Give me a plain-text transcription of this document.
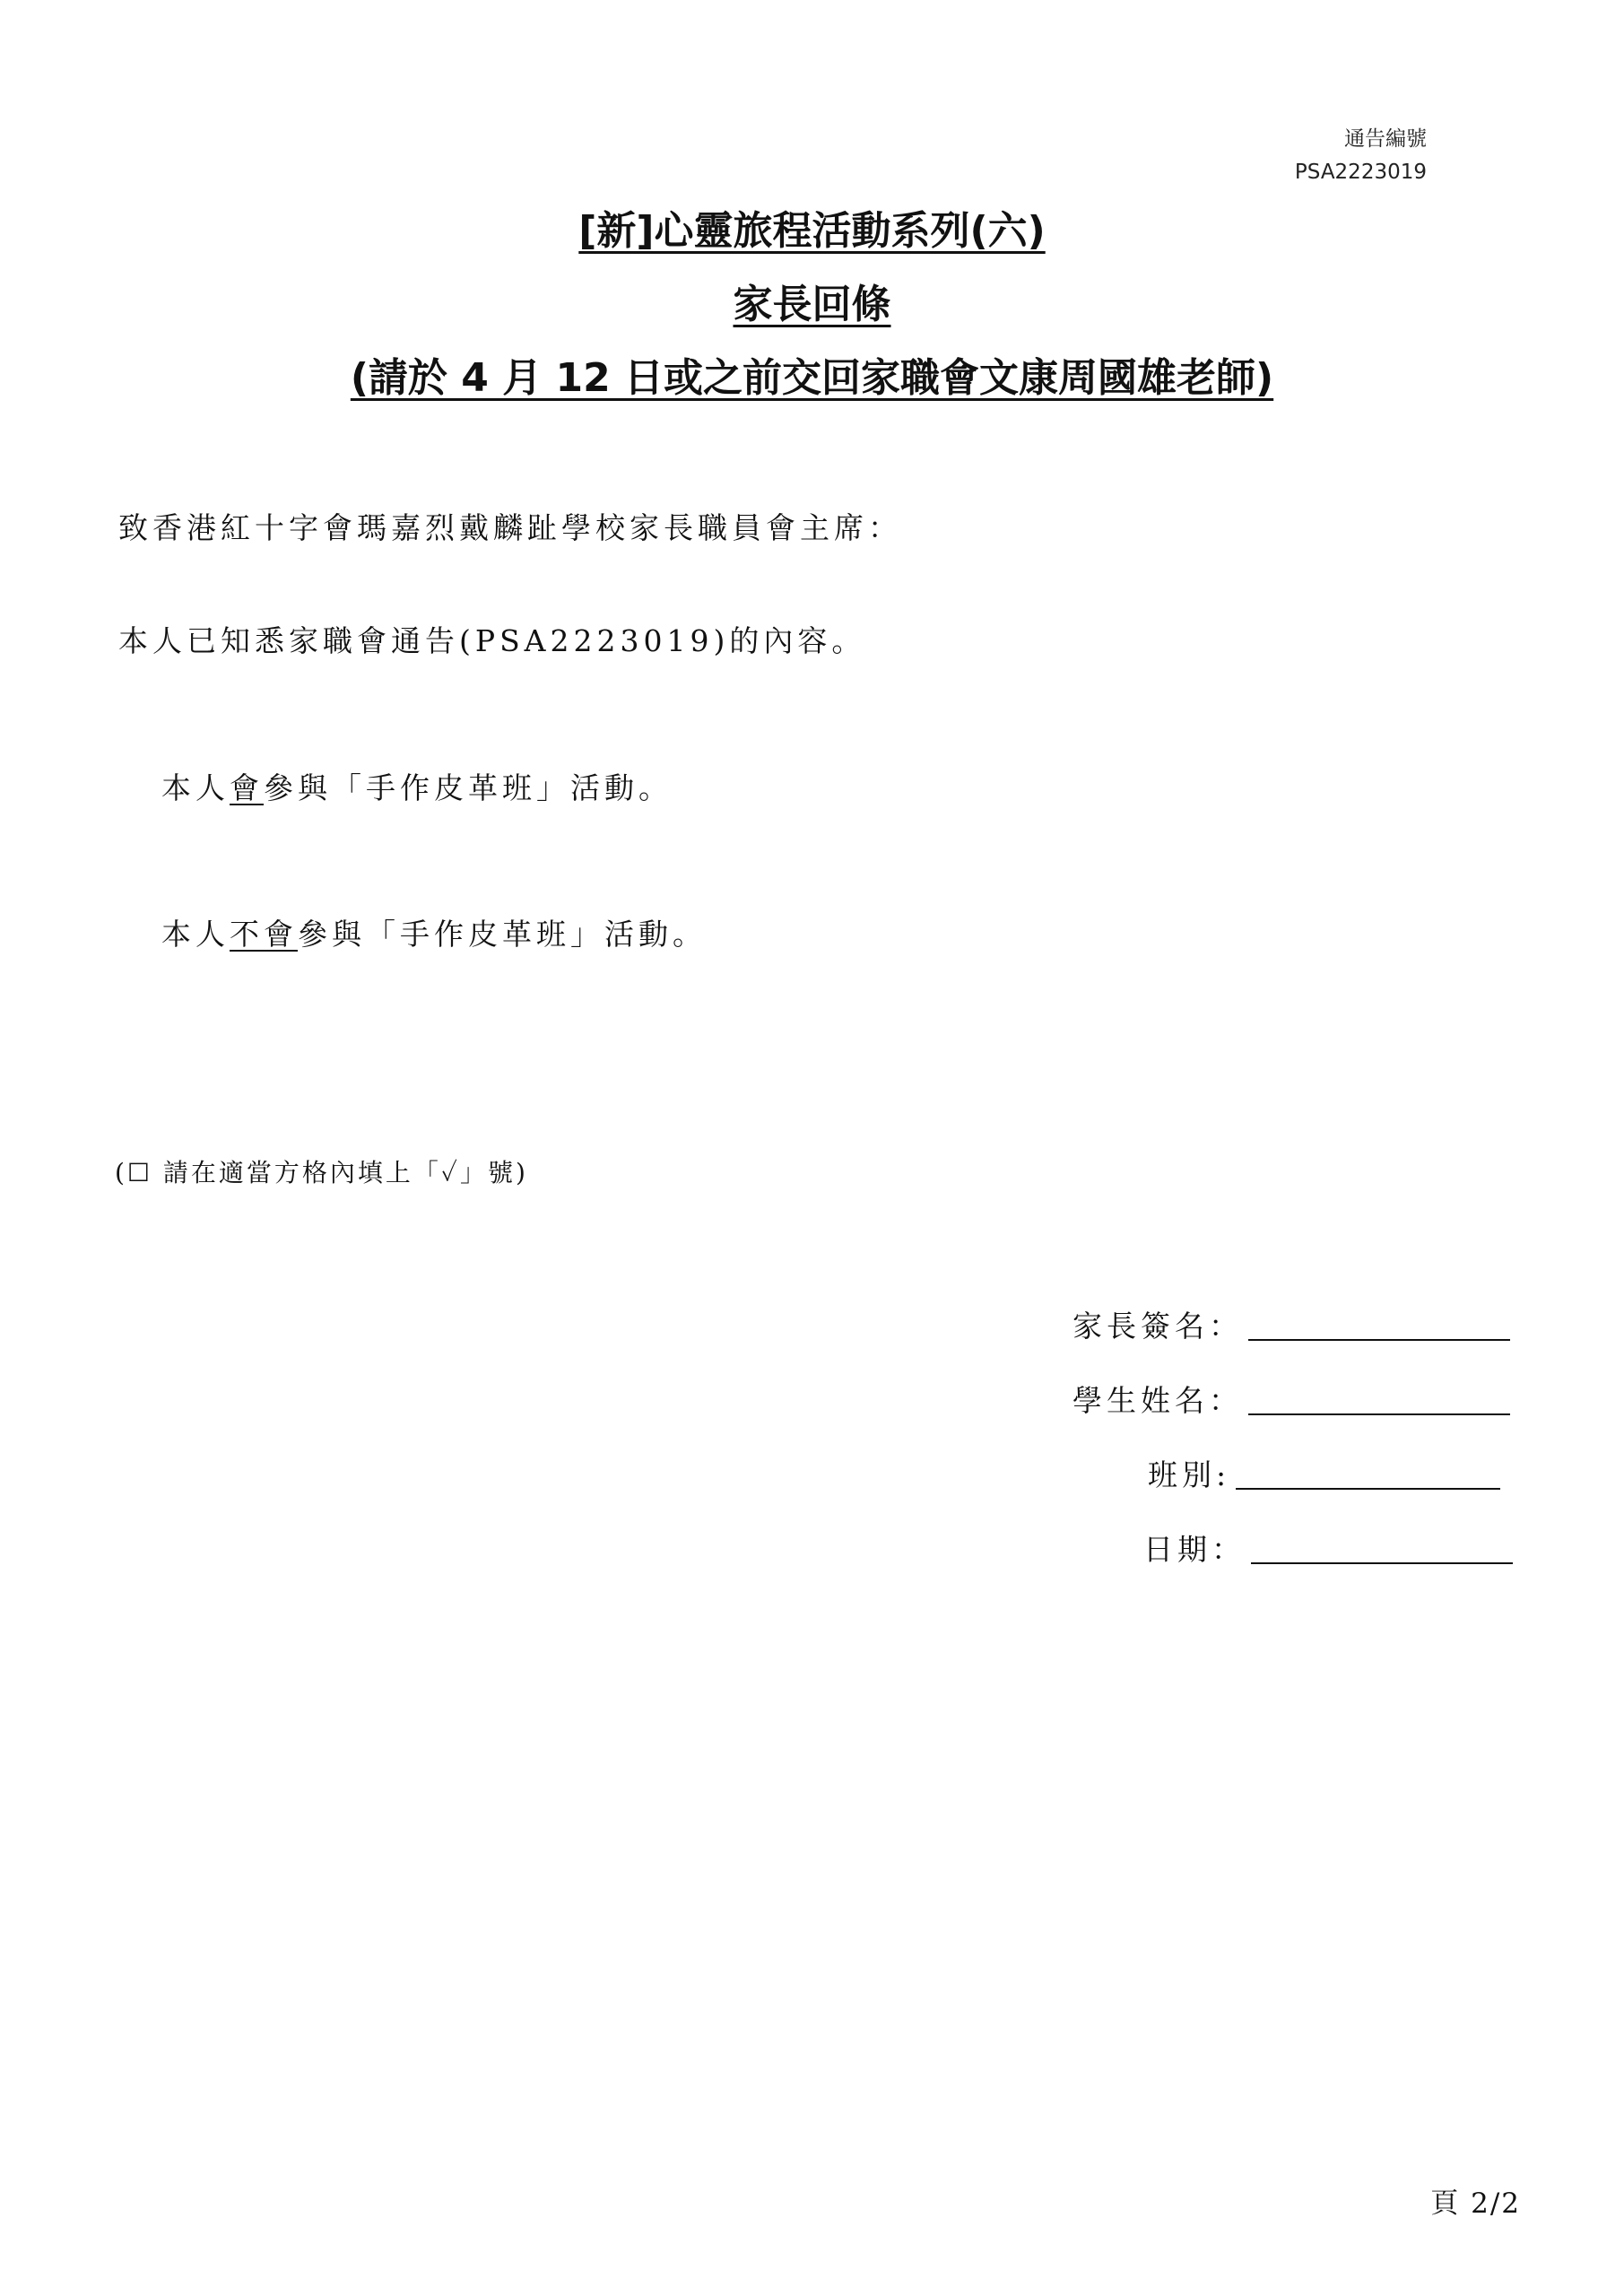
通告編號
PSA2223019
[新]心靈旅程活動系列(六)
家長回條
(請於 4 月 12 日或之前交回家職會文康周國雄老師)
致香港紅十字會瑪嘉烈戴麟趾學校家長職員會主席：
本人已知悉家職會通告(PSA2223019)的內容。
本人會參與「手作皮革班」活動。
本人不會參與「手作皮革班」活動。
(☐ 請在適當方格內填上「✓」號)
家長簽名：
學生姓名：
班別:
日期：
頁 2/2
